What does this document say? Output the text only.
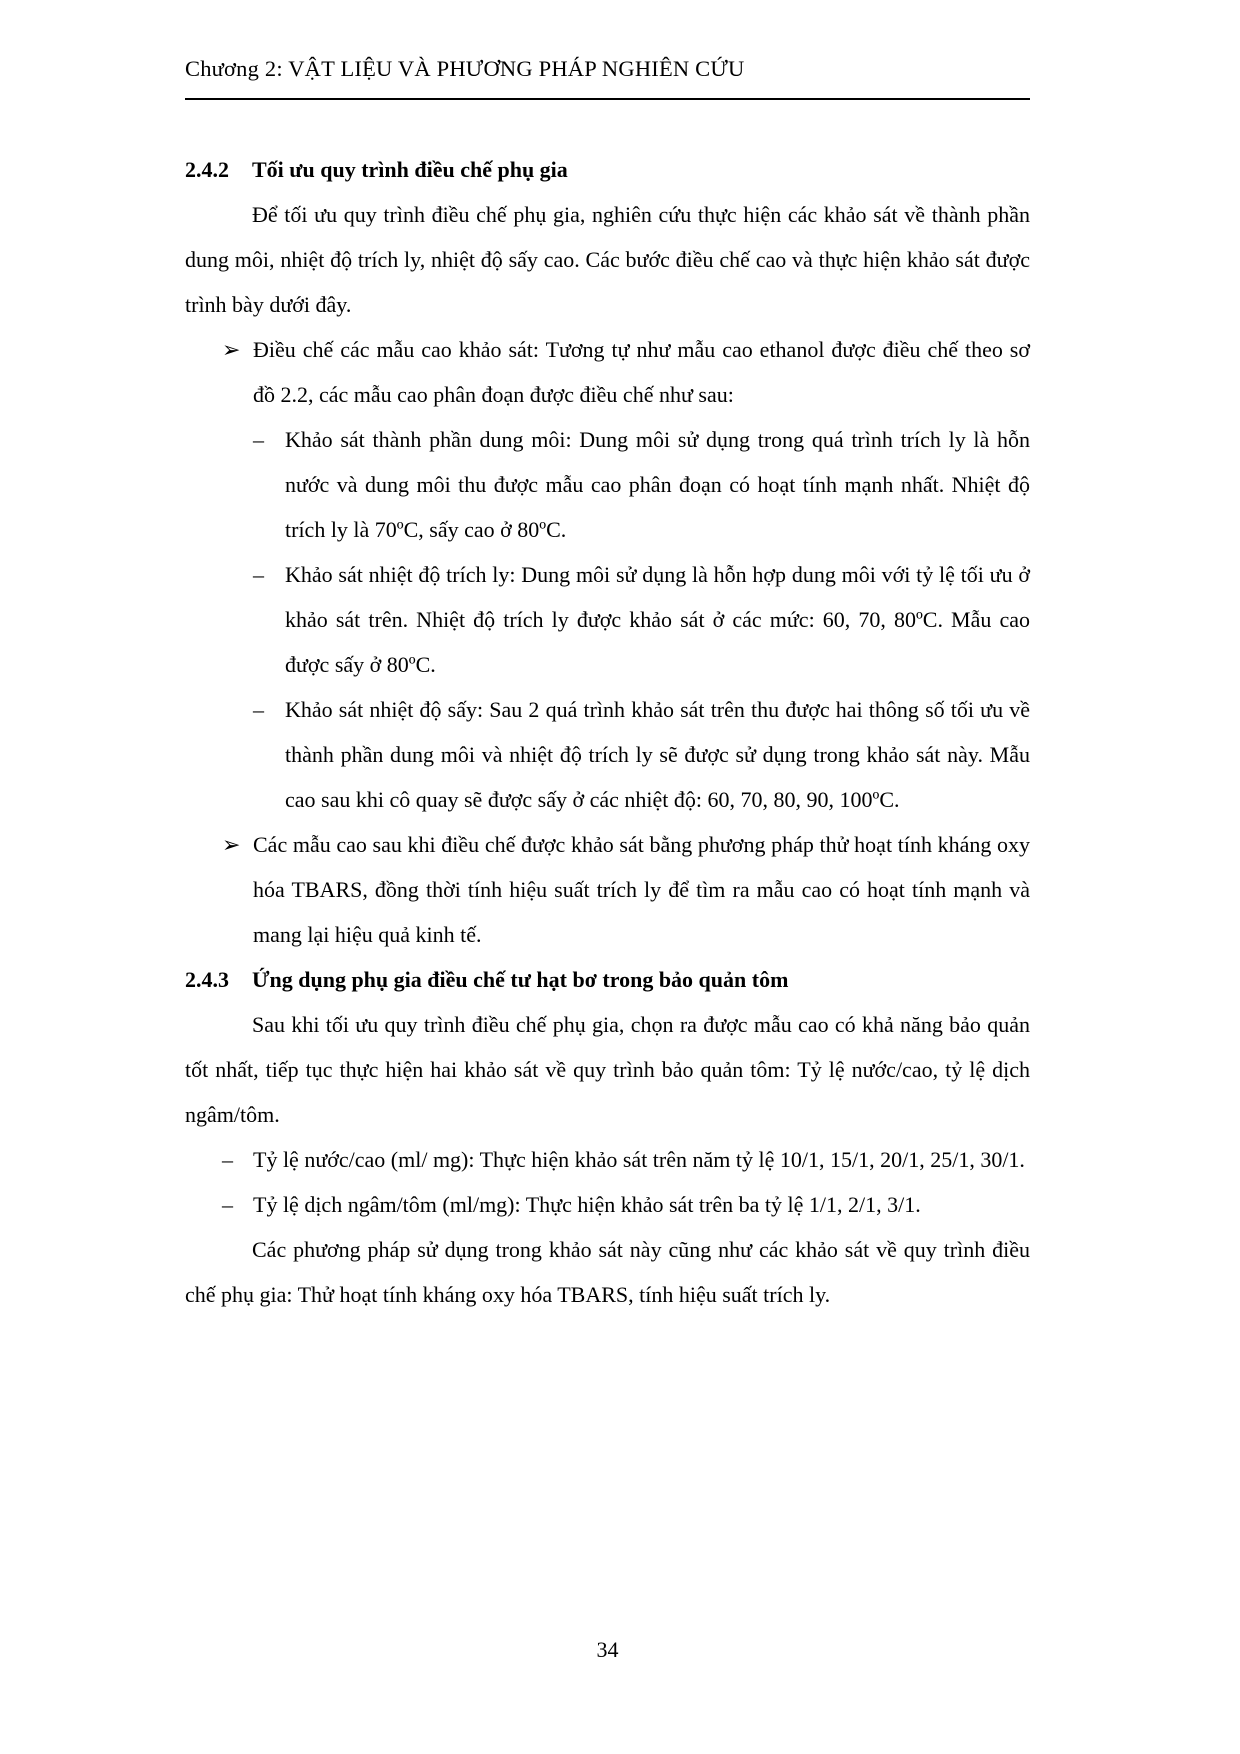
Chương 2: VẬT LIỆU VÀ PHƯƠNG PHÁP NGHIÊN CỨU
2.4.2	Tối ưu quy trình điều chế phụ gia
Để tối ưu quy trình điều chế phụ gia, nghiên cứu thực hiện các khảo sát về thành phần dung môi, nhiệt độ trích ly, nhiệt độ sấy cao. Các bước điều chế cao và thực hiện khảo sát được trình bày dưới đây.
➢ Điều chế các mẫu cao khảo sát: Tương tự như mẫu cao ethanol được điều chế theo sơ đồ 2.2, các mẫu cao phân đoạn được điều chế như sau:
– Khảo sát thành phần dung môi: Dung môi sử dụng trong quá trình trích ly là hỗn nước và dung môi thu được mẫu cao phân đoạn có hoạt tính mạnh nhất. Nhiệt độ trích ly là 70ºC, sấy cao ở 80ºC.
– Khảo sát nhiệt độ trích ly: Dung môi sử dụng là hỗn hợp dung môi với tỷ lệ tối ưu ở khảo sát trên. Nhiệt độ trích ly được khảo sát ở các mức: 60, 70, 80ºC. Mẫu cao được sấy ở 80ºC.
– Khảo sát nhiệt độ sấy: Sau 2 quá trình khảo sát trên thu được hai thông số tối ưu về thành phần dung môi và nhiệt độ trích ly sẽ được sử dụng trong khảo sát này. Mẫu cao sau khi cô quay sẽ được sấy ở các nhiệt độ: 60, 70, 80, 90, 100ºC.
➢ Các mẫu cao sau khi điều chế được khảo sát bằng phương pháp thử hoạt tính kháng oxy hóa TBARS, đồng thời tính hiệu suất trích ly để tìm ra mẫu cao có hoạt tính mạnh và mang lại hiệu quả kinh tế.
2.4.3	Ứng dụng phụ gia điều chế tư hạt bơ trong bảo quản tôm
Sau khi tối ưu quy trình điều chế phụ gia, chọn ra được mẫu cao có khả năng bảo quản tốt nhất, tiếp tục thực hiện hai khảo sát về quy trình bảo quản tôm: Tỷ lệ nước/cao, tỷ lệ dịch ngâm/tôm.
– Tỷ lệ nước/cao (ml/ mg): Thực hiện khảo sát trên năm tỷ lệ 10/1, 15/1, 20/1, 25/1, 30/1.
– Tỷ lệ dịch ngâm/tôm (ml/mg): Thực hiện khảo sát trên ba tỷ lệ 1/1, 2/1, 3/1.
Các phương pháp sử dụng trong khảo sát này cũng như các khảo sát về quy trình điều chế phụ gia: Thử hoạt tính kháng oxy hóa TBARS, tính hiệu suất trích ly.
34
